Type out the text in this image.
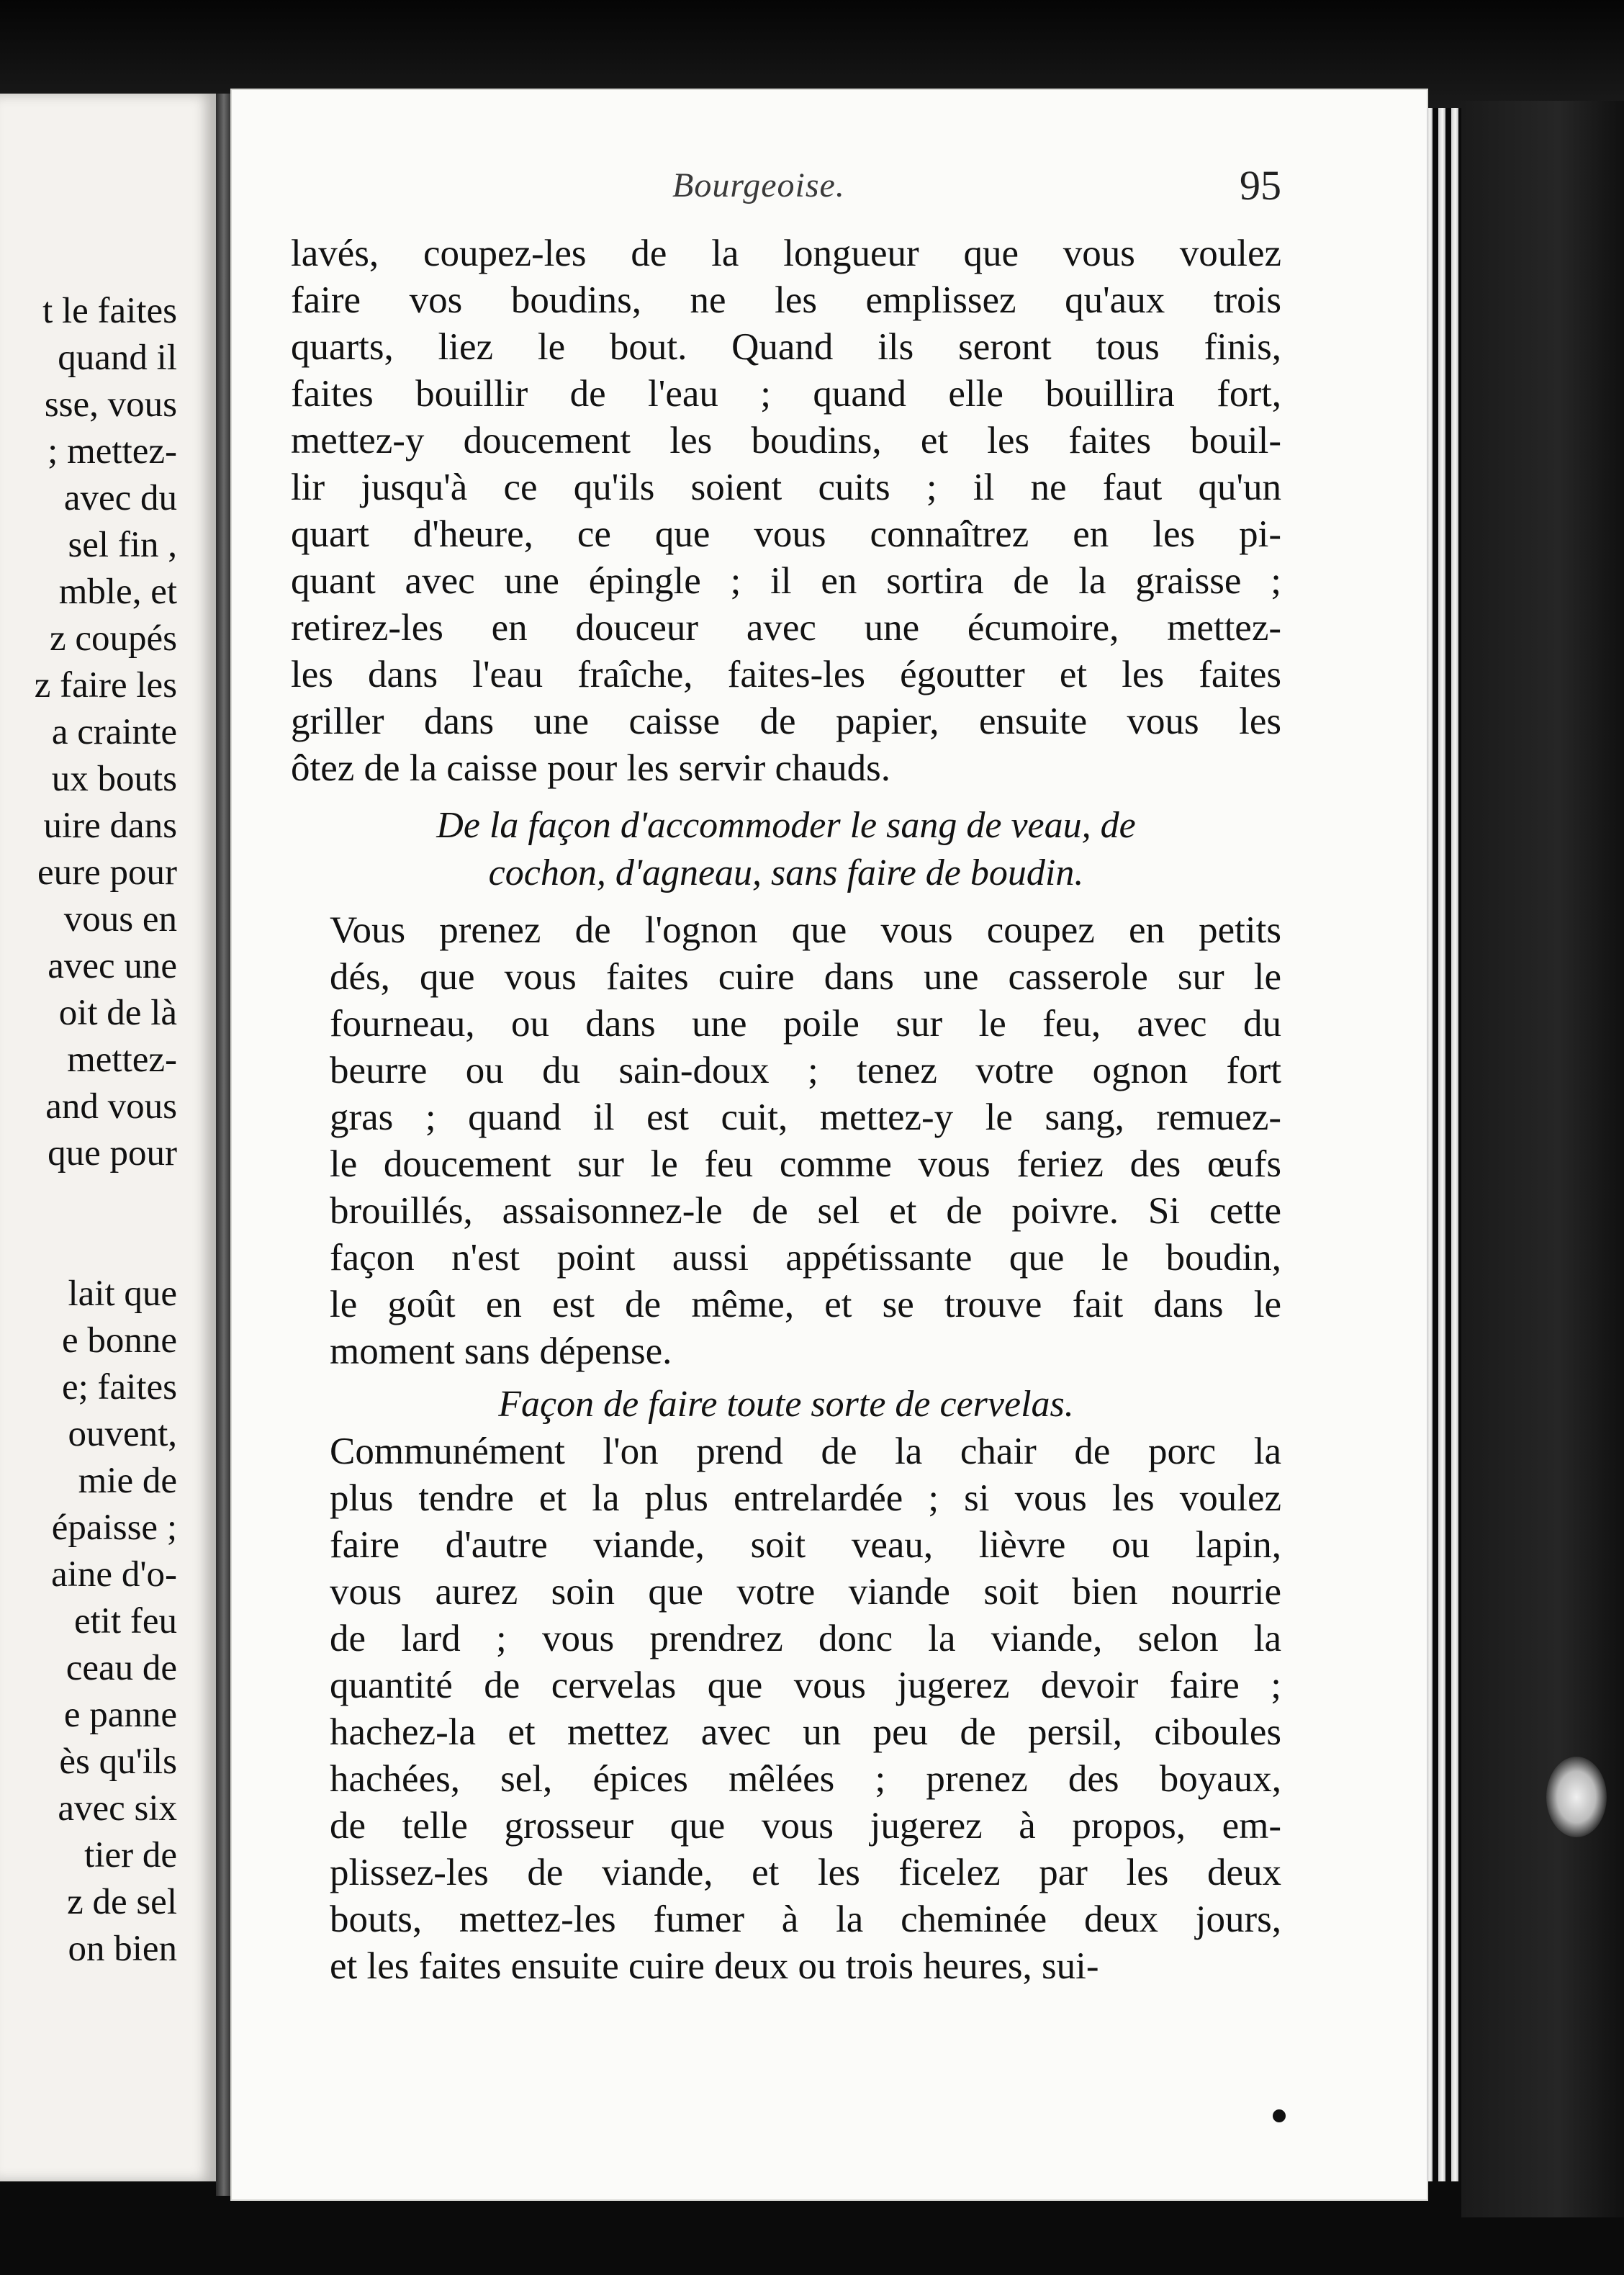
t le faites
quand il
sse, vous
; mettez-
avec du
sel fin ,
mble, et
z coupés
z faire les
a crainte
ux bouts
uire dans
eure pour
vous en
avec une
oit de là
mettez-
and vous
que pour
lait que
e bonne
e; faites
ouvent,
mie de
épaisse ;
aine d'o-
etit feu
ceau de
e panne
ès qu'ils
avec six
tier de
z de sel
on bien
Bourgeoise.	95

lavés, coupez-les de la longueur que vous voulez
faire vos boudins, ne les emplissez qu'aux trois
quarts, liez le bout. Quand ils seront tous finis,
faites bouillir de l'eau ; quand elle bouillira fort,
mettez-y doucement les boudins, et les faites bouil-
lir jusqu'à ce qu'ils soient cuits ; il ne faut qu'un
quart d'heure, ce que vous connaîtrez en les pi-
quant avec une épingle ; il en sortira de la graisse ;
retirez-les en douceur avec une écumoire, mettez-
les dans l'eau fraîche, faites-les égoutter et les faites
griller dans une caisse de papier, ensuite vous les
ôtez de la caisse pour les servir chauds.

De la façon d'accommoder le sang de veau, de
cochon, d'agneau, sans faire de boudin.

Vous prenez de l'ognon que vous coupez en petits
dés, que vous faites cuire dans une casserole sur le
fourneau, ou dans une poile sur le feu, avec du
beurre ou du sain-doux ; tenez votre ognon fort
gras ; quand il est cuit, mettez-y le sang, remuez-
le doucement sur le feu comme vous feriez des œufs
brouillés, assaisonnez-le de sel et de poivre. Si cette
façon n'est point aussi appétissante que le boudin,
le goût en est de même, et se trouve fait dans le
moment sans dépense.

Façon de faire toute sorte de cervelas.

Communément l'on prend de la chair de porc la
plus tendre et la plus entrelardée ; si vous les voulez
faire d'autre viande, soit veau, lièvre ou lapin,
vous aurez soin que votre viande soit bien nourrie
de lard ; vous prendrez donc la viande, selon la
quantité de cervelas que vous jugerez devoir faire ;
hachez-la et mettez avec un peu de persil, ciboules
hachées, sel, épices mêlées ; prenez des boyaux,
de telle grosseur que vous jugerez à propos, em-
plissez-les de viande, et les ficelez par les deux
bouts, mettez-les fumer à la cheminée deux jours,
et les faites ensuite cuire deux ou trois heures, sui-
